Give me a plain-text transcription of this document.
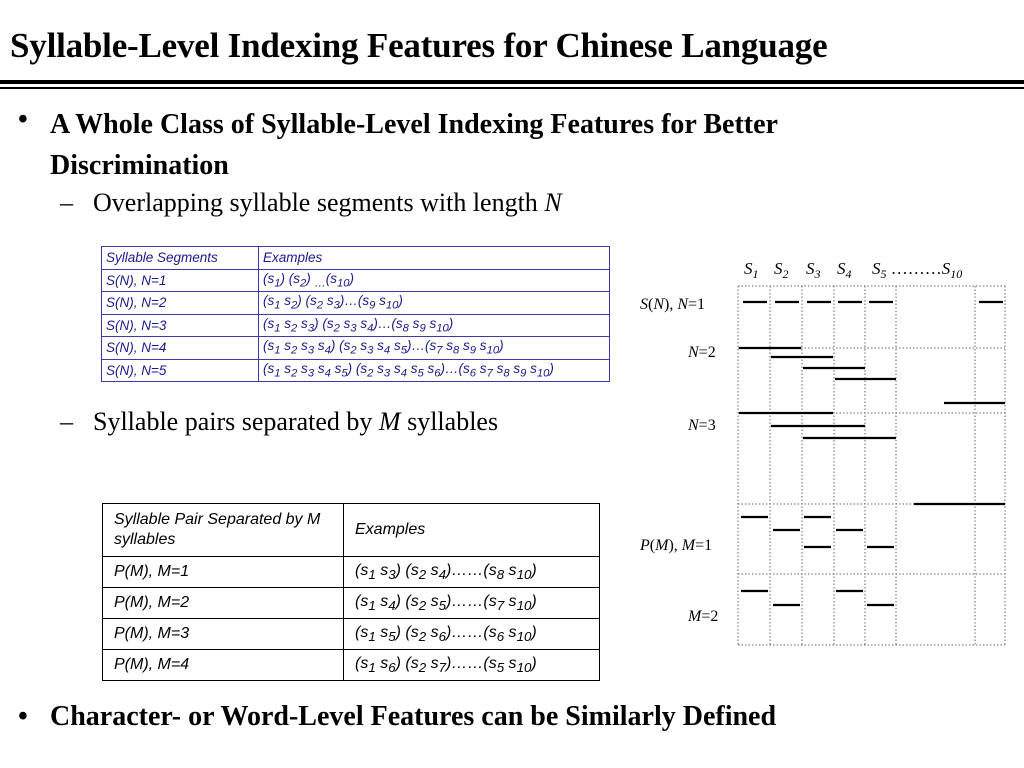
Syllable-Level Indexing Features for Chinese Language
• A Whole Class of Syllable-Level Indexing Features for Better Discrimination
– Overlapping syllable segments with length N
Syllable Segments	Examples
S(N), N=1	$(s_1)$ $(s_2)$ $_\dots(s_{10})$
S(N), N=2	($s_1$ $s_2$) ($s_2$ $s_3)\dots(s_9$ $s_{10}$)
S(N), N=3	($s_1$ $s_2$ $s_3$) ($s_2$ $s_3$ $s_4)\dots(s_8$ $s_9$ $s_{10}$)
S(N), N=4	($s_1$ $s_2$ $s_3$ $s_4$) ($s_2$ $s_3$ $s_4$ $s_5)\dots(s_7$ $s_8$ $s_9$ $s_{10}$)
S(N), N=5	($s_1$ $s_2$ $s_3$ $s_4$ $s_5$) ($s_2$ $s_3$ $s_4$ $s_5$ $s_6)\dots(s_6$ $s_7$ $s_8$ $s_9$ $s_{10}$)
– Syllable pairs separated by M syllables
Syllable Pair Separated by M syllables	Examples
P(M), M=1	($s_1$ $s_3$) ($s_2$ $s_4)\dots\dots(s_8$ $s_{10}$)
P(M), M=2	($s_1$ $s_4$) ($s_2$ $s_5)\dots\dots(s_7$ $s_{10}$)
P(M), M=3	($s_1$ $s_5$) ($s_2$ $s_6)\dots\dots(s_6$ $s_{10}$)
P(M), M=4	($s_1$ $s_6$) ($s_2$ $s_7)\dots\dots(s_5$ $s_{10}$)
$S_1$ $S_2$ $S_3$ $S_4$ $S_5$ $\dots\dots\dots S_{10}$
S(N), N=1
N=2
N=3
P(M), M=1
M=2
• Character- or Word-Level Features can be Similarly Defined
